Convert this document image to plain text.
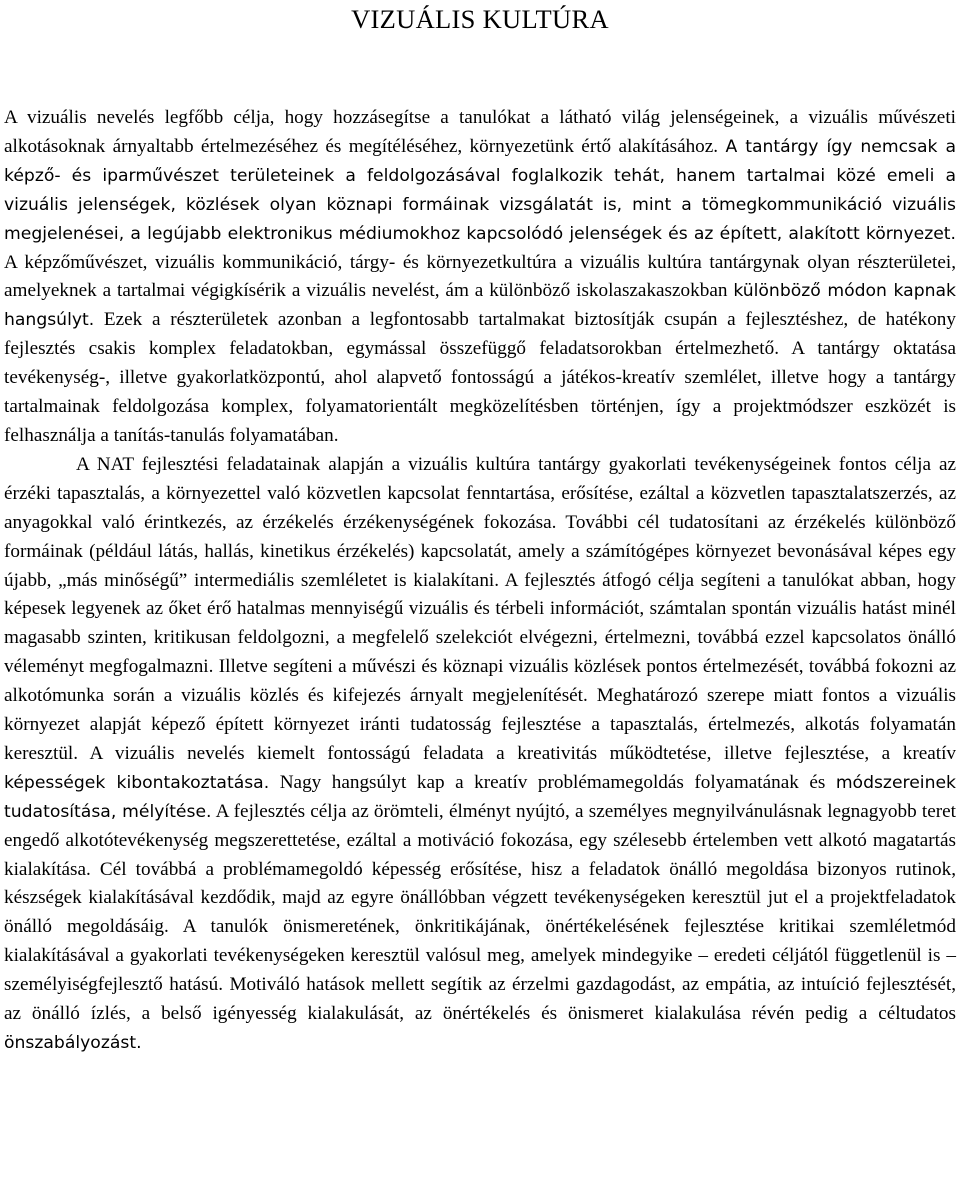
VIZUÁLIS KULTÚRA

A vizuális nevelés legfőbb célja, hogy hozzásegítse a tanulókat a látható világ jelenségeinek, a vizuális művészeti alkotásoknak árnyaltabb értelmezéséhez és megítéléséhez, környezetünk értő alakításához. A tantárgy így nemcsak a képző- és iparművészet területeinek a feldolgozásával foglalkozik tehát, hanem tartalmai közé emeli a vizuális jelenségek, közlések olyan köznapi formáinak vizsgálatát is, mint a tömegkommunikáció vizuális megjelenései, a legújabb elektronikus médiumokhoz kapcsolódó jelenségek és az épített, alakított környezet. A képzőművészet, vizuális kommunikáció, tárgy- és környezetkultúra a vizuális kultúra tantárgynak olyan részterületei, amelyeknek a tartalmai végigkísérik a vizuális nevelést, ám a különböző iskolaszakaszokban különböző módon kapnak hangsúlyt. Ezek a részterületek azonban a legfontosabb tartalmakat biztosítják csupán a fejlesztéshez, de hatékony fejlesztés csakis komplex feladatokban, egymással összefüggő feladatsorokban értelmezhető. A tantárgy oktatása tevékenység-, illetve gyakorlatközpontú, ahol alapvető fontosságú a játékos-kreatív szemlélet, illetve hogy a tantárgy tartalmainak feldolgozása komplex, folyamatorientált megközelítésben történjen, így a projektmódszer eszközét is felhasználja a tanítás-tanulás folyamatában.

A NAT fejlesztési feladatainak alapján a vizuális kultúra tantárgy gyakorlati tevékenységeinek fontos célja az érzéki tapasztalás, a környezettel való közvetlen kapcsolat fenntartása, erősítése, ezáltal a közvetlen tapasztalatszerzés, az anyagokkal való érintkezés, az érzékelés érzékenységének fokozása. További cél tudatosítani az érzékelés különböző formáinak (például látás, hallás, kinetikus érzékelés) kapcsolatát, amely a számítógépes környezet bevonásával képes egy újabb, „más minőségű” intermediális szemléletet is kialakítani. A fejlesztés átfogó célja segíteni a tanulókat abban, hogy képesek legyenek az őket érő hatalmas mennyiségű vizuális és térbeli információt, számtalan spontán vizuális hatást minél magasabb szinten, kritikusan feldolgozni, a megfelelő szelekciót elvégezni, értelmezni, továbbá ezzel kapcsolatos önálló véleményt megfogalmazni. Illetve segíteni a művészi és köznapi vizuális közlések pontos értelmezését, továbbá fokozni az alkotómunka során a vizuális közlés és kifejezés árnyalt megjelenítését. Meghatározó szerepe miatt fontos a vizuális környezet alapját képező épített környezet iránti tudatosság fejlesztése a tapasztalás, értelmezés, alkotás folyamatán keresztül. A vizuális nevelés kiemelt fontosságú feladata a kreativitás működtetése, illetve fejlesztése, a kreatív képességek kibontakoztatása. Nagy hangsúlyt kap a kreatív problémamegoldás folyamatának és módszereinek tudatosítása, mélyítése. A fejlesztés célja az örömteli, élményt nyújtó, a személyes megnyilvánulásnak legnagyobb teret engedő alkotótevékenység megszerettetése, ezáltal a motiváció fokozása, egy szélesebb értelemben vett alkotó magatartás kialakítása. Cél továbbá a problémamegoldó képesség erősítése, hisz a feladatok önálló megoldása bizonyos rutinok, készségek kialakításával kezdődik, majd az egyre önállóbban végzett tevékenységeken keresztül jut el a projektfeladatok önálló megoldásáig. A tanulók önismeretének, önkritikájának, önértékelésének fejlesztése kritikai szemléletmód kialakításával a gyakorlati tevékenységeken keresztül valósul meg, amelyek mindegyike – eredeti céljától függetlenül is – személyiségfejlesztő hatású. Motiváló hatások mellett segítik az érzelmi gazdagodást, az empátia, az intuíció fejlesztését, az önálló ízlés, a belső igényesség kialakulását, az önértékelés és önismeret kialakulása révén pedig a céltudatos önszabályozást.
